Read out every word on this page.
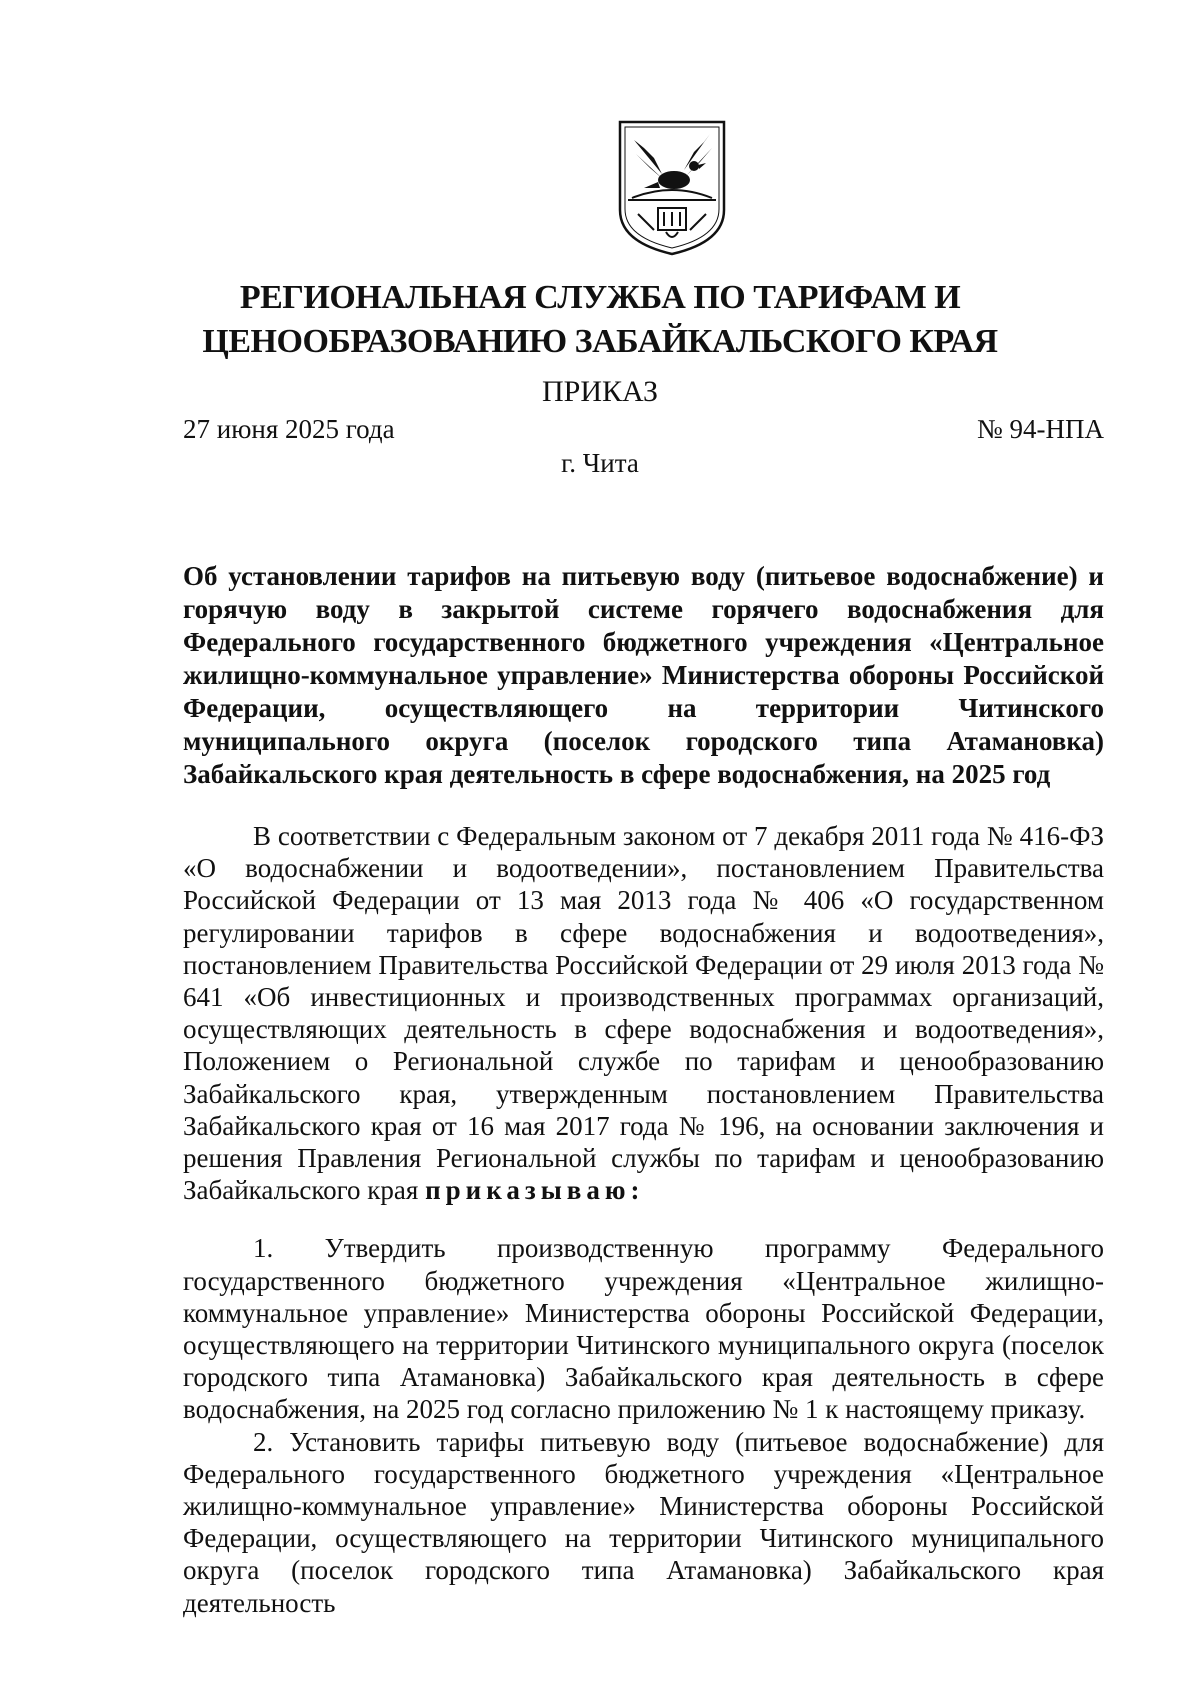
РЕГИОНАЛЬНАЯ СЛУЖБА ПО ТАРИФАМ И
ЦЕНООБРАЗОВАНИЮ ЗАБАЙКАЛЬСКОГО КРАЯ
ПРИКАЗ
27 июня 2025 года	№ 94-НПА
г. Чита

Об установлении тарифов на питьевую воду (питьевое водоснабжение) и горячую воду в закрытой системе горячего водоснабжения для Федерального государственного бюджетного учреждения «Центральное жилищно-коммунальное управление» Министерства обороны Российской Федерации, осуществляющего на территории Читинского муниципального округа (поселок городского типа Атамановка) Забайкальского края деятельность в сфере водоснабжения, на 2025 год

В соответствии с Федеральным законом от 7 декабря 2011 года № 416-ФЗ «О водоснабжении и водоотведении», постановлением Правительства Российской Федерации от 13 мая 2013 года № 406 «О государственном регулировании тарифов в сфере водоснабжения и водоотведения», постановлением Правительства Российской Федерации от 29 июля 2013 года № 641 «Об инвестиционных и производственных программах организаций, осуществляющих деятельность в сфере водоснабжения и водоотведения», Положением о Региональной службе по тарифам и ценообразованию Забайкальского края, утвержденным постановлением Правительства Забайкальского края от 16 мая 2017 года № 196, на основании заключения и решения Правления Региональной службы по тарифам и ценообразованию Забайкальского края приказываю:

1. Утвердить производственную программу Федерального государственного бюджетного учреждения «Центральное жилищно-коммунальное управление» Министерства обороны Российской Федерации, осуществляющего на территории Читинского муниципального округа (поселок городского типа Атамановка) Забайкальского края деятельность в сфере водоснабжения, на 2025 год согласно приложению № 1 к настоящему приказу.

2. Установить тарифы питьевую воду (питьевое водоснабжение) для Федерального государственного бюджетного учреждения «Центральное жилищно-коммунальное управление» Министерства обороны Российской Федерации, осуществляющего на территории Читинского муниципального округа (поселок городского типа Атамановка) Забайкальского края деятельность
